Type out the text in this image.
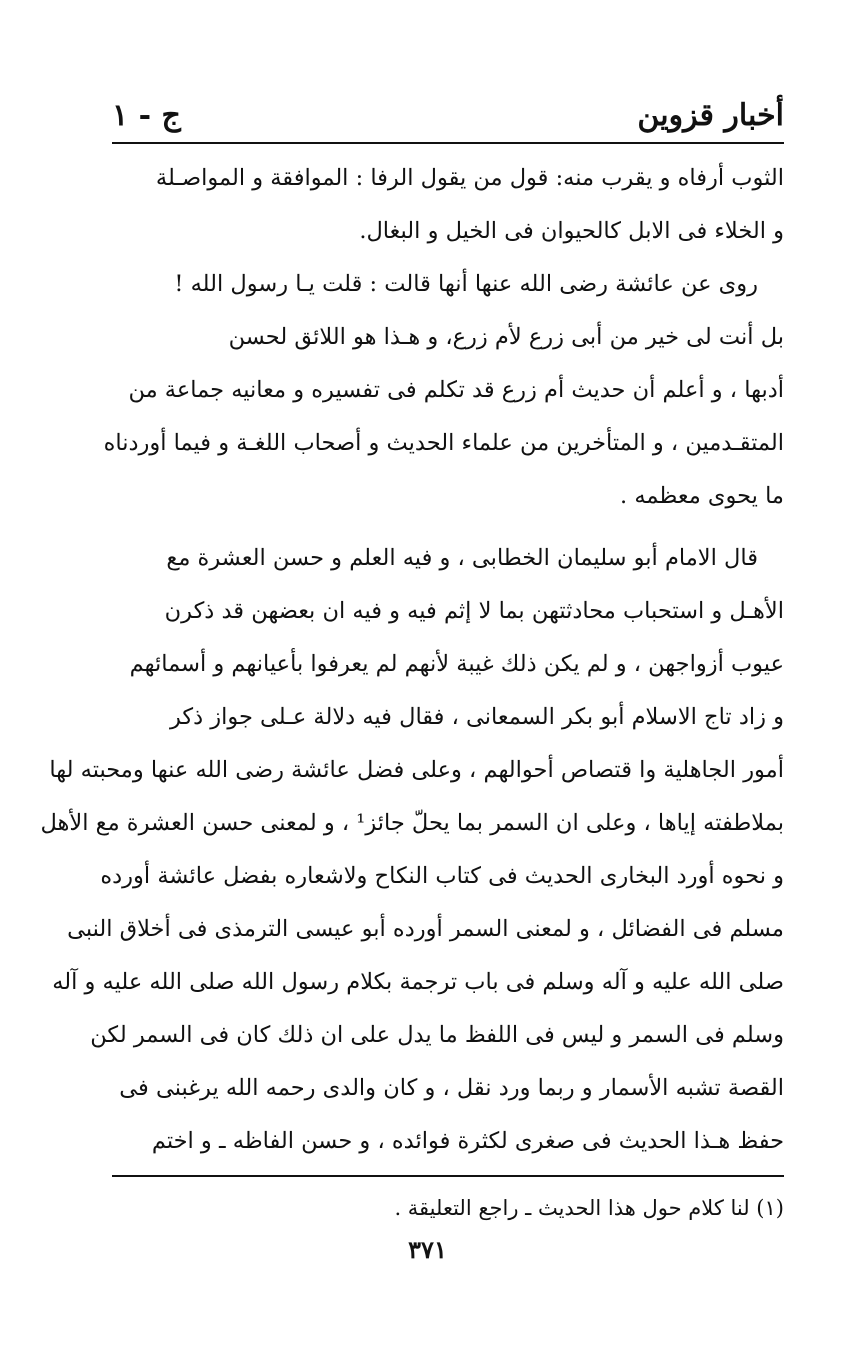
أخبار قزوين
ج - ١
الثوب أرفاه و يقرب منه: قول من يقول الرفا : الموافقة و المواصـلة
و الخلاء فى الابل كالحيوان فى الخيل و البغال.
روى عن عائشة رضى الله عنها أنها قالت : قلت يـا رسول الله !
بل أنت لى خير من أبى زرع لأم زرع، و هـذا هو اللائق لحسن
أدبها ، و أعلم أن حديث أم زرع قد تكلم فى تفسيره و معانيه جماعة من
المتقـدمين ، و المتأخرين من علماء الحديث و أصحاب اللغـة و فيما أوردناه
ما يحوى معظمه .
قال الامام أبو سليمان الخطابى ، و فيه العلم و حسن العشرة مع
الأهـل و استحباب محادثتهن بما لا إثم فيه و فيه ان بعضهن قد ذكرن
عيوب أزواجهن ، و لم يكن ذلك غيبة لأنهم لم يعرفوا بأعيانهم و أسمائهم
و زاد تاج الاسلام أبو بكر السمعانى ، فقال فيه دلالة عـلى جواز ذكر
أمور الجاهلية وا قتصاص أحوالهم ، وعلى فضل عائشة رضى الله عنها ومحبته لها
بملاطفته إياها ، وعلى ان السمر بما يحلّ جائز¹ ، و لمعنى حسن العشرة مع الأهل
و نحوه أورد البخارى الحديث فى كتاب النكاح ولاشعاره بفضل عائشة أورده
مسلم فى الفضائل ، و لمعنى السمر أورده أبو عيسى الترمذى فى أخلاق النبى
صلى الله عليه و آله وسلم فى باب ترجمة بكلام رسول الله صلى الله عليه و آله
وسلم فى السمر و ليس فى اللفظ ما يدل على ان ذلك كان فى السمر لكن
القصة تشبه الأسمار و ربما ورد نقل ، و كان والدى رحمه الله يرغبنى فى
حفظ هـذا الحديث فى صغرى لكثرة فوائده ، و حسن الفاظه ـ و اختم
(١) لنا كلام حول هذا الحديث ـ راجع التعليقة .
٣٧١
